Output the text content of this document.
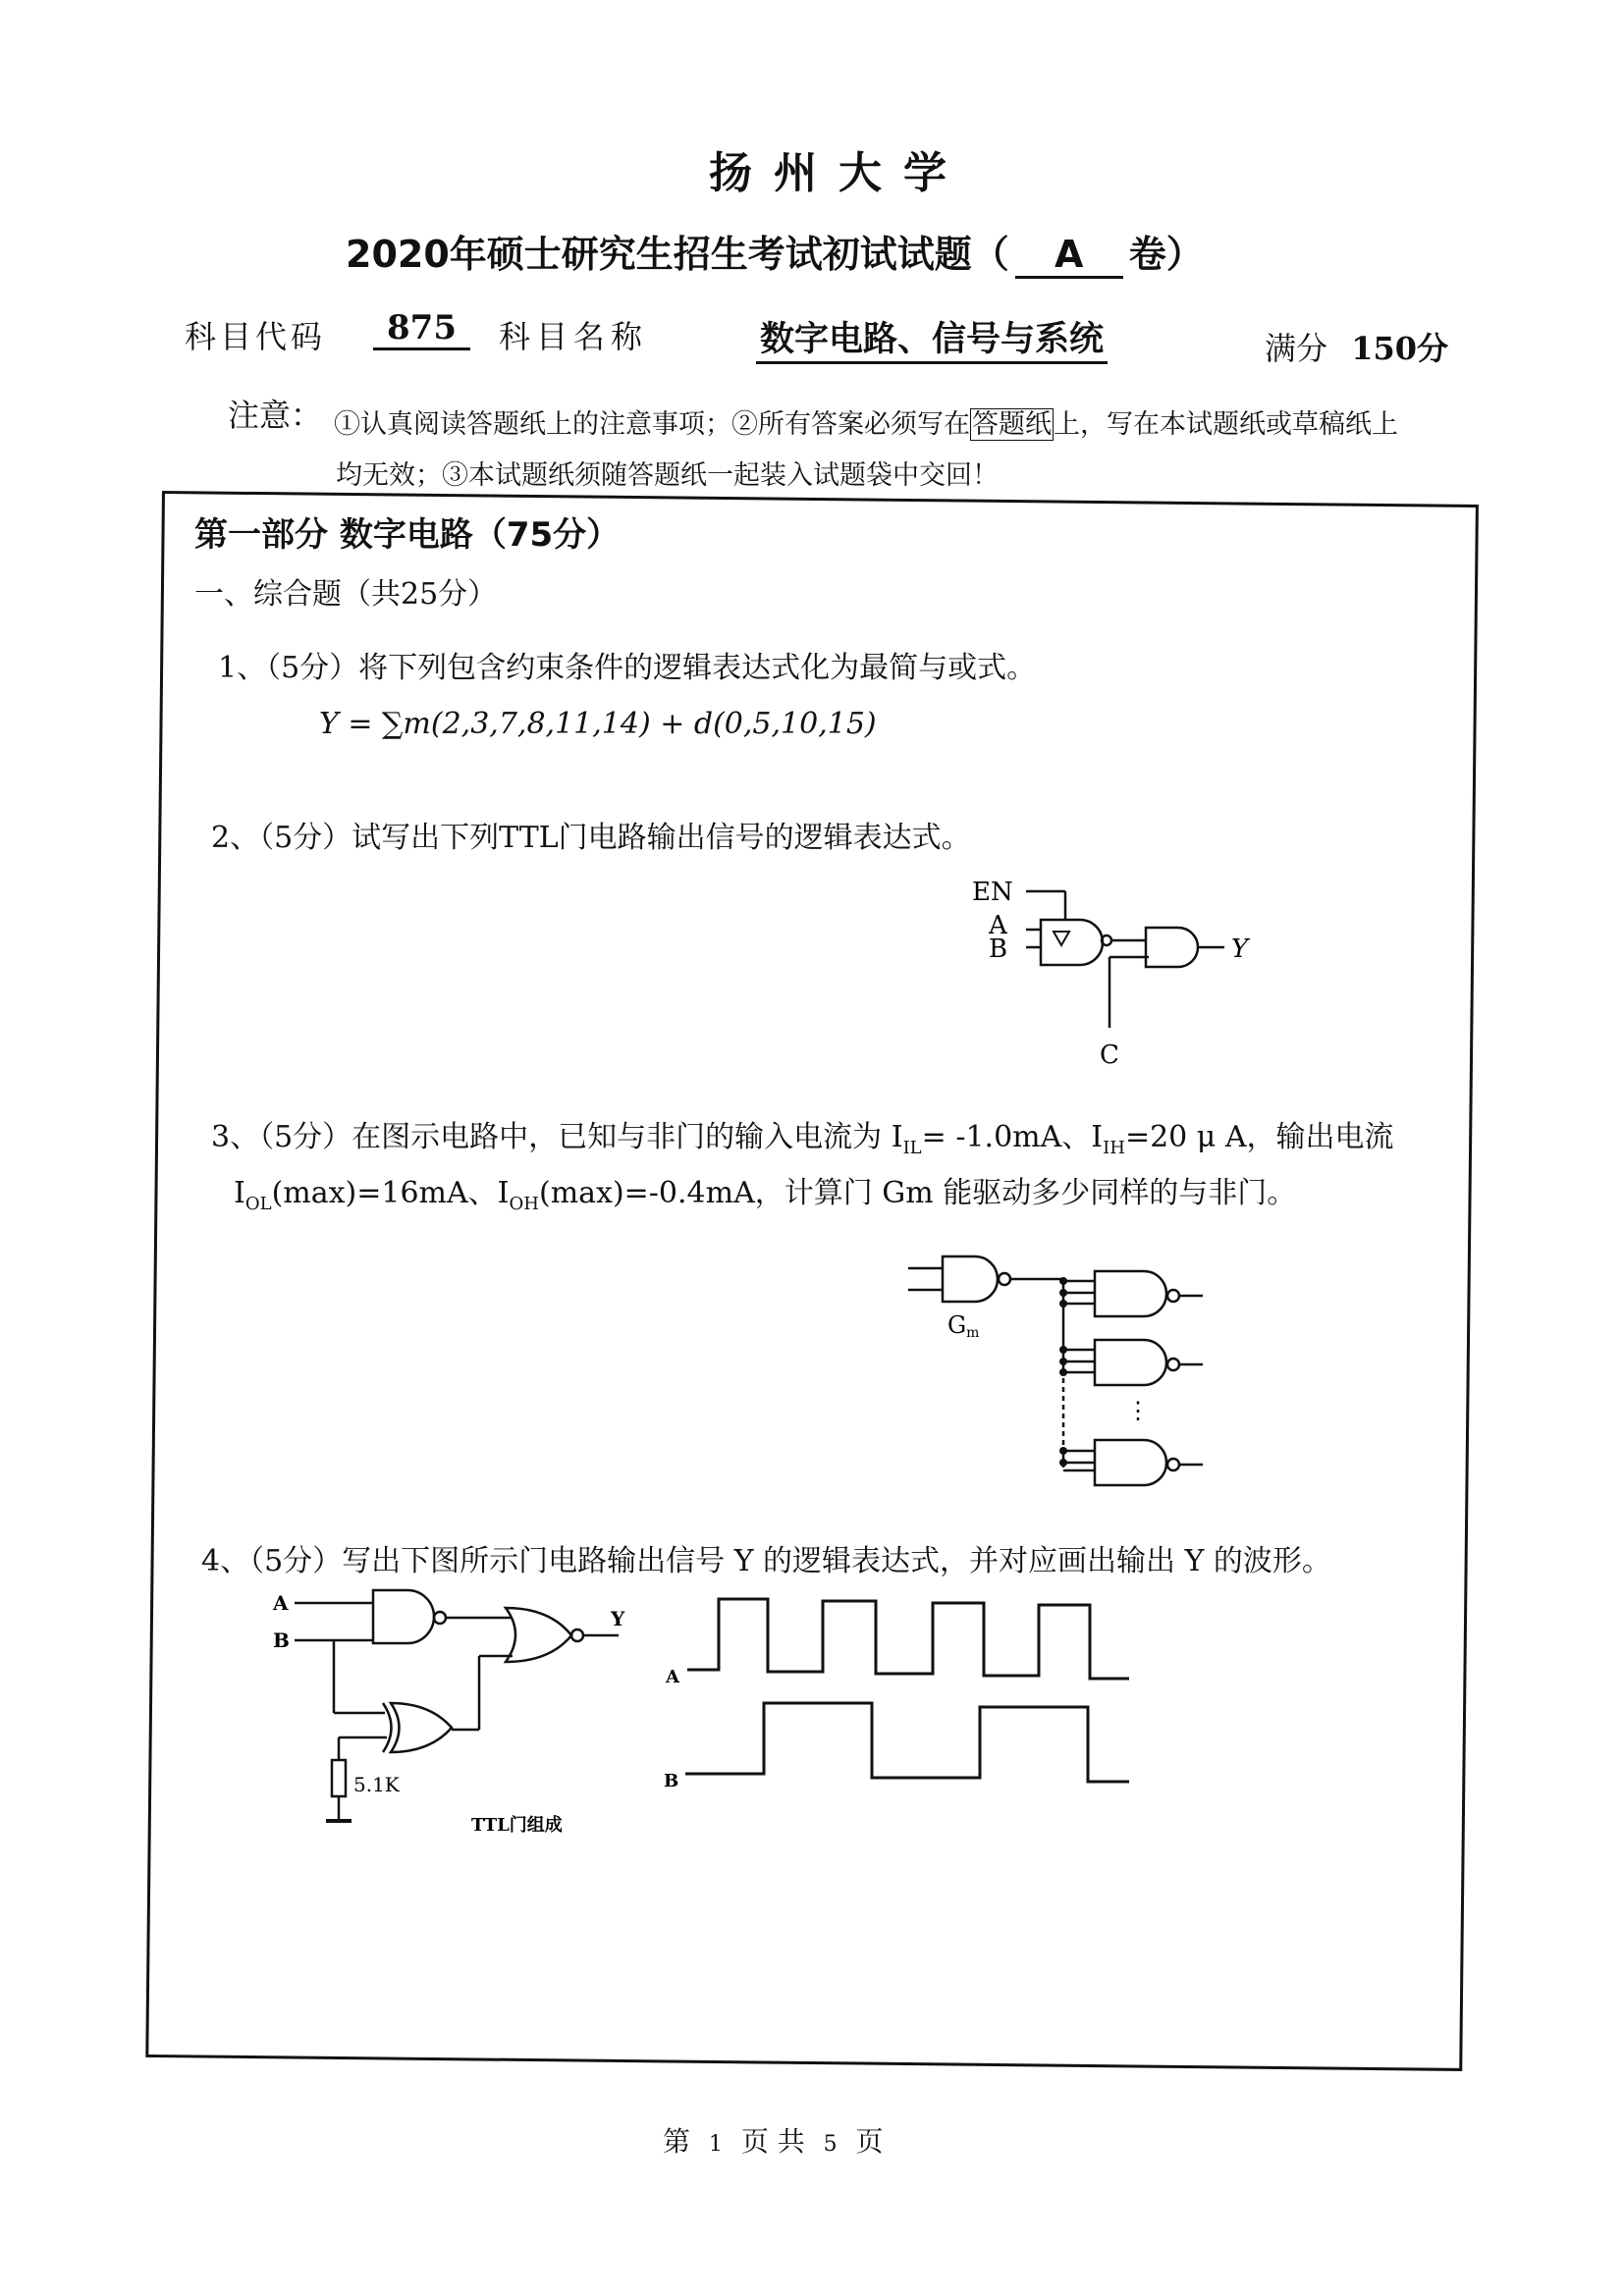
扬州大学
2020年硕士研究生招生考试初试试题（ A 卷）
科目代码	875	科目名称	数字电路、信号与系统	满分 150分
注意： ①认真阅读答题纸上的注意事项；②所有答案必须写在答题纸上，写在本试题纸或草稿纸上
均无效；③本试题纸须随答题纸一起装入试题袋中交回！
第一部分 数字电路（75分）
一、综合题（共25分）
1、（5分）将下列包含约束条件的逻辑表达式化为最简与或式。
Y = ∑m(2,3,7,8,11,14) + d(0,5,10,15)
2、（5分）试写出下列TTL门电路输出信号的逻辑表达式。
EN
A
B
C
Y
3、（5分）在图示电路中，已知与非门的输入电流为 $I_{IL}= -1.0mA$、$I_{IH}=20$ μ A，输出电流
$I_{OL}(\max)=16mA$、$I_{OH}(\max)=-0.4mA$，计算门 Gm 能驱动多少同样的与非门。
Gm
⋮
4、（5分）写出下图所示门电路输出信号 Y 的逻辑表达式，并对应画出输出 Y 的波形。
A
B
Y
5.1K
TTL门组成
A
B
第 1 页 共 5 页
